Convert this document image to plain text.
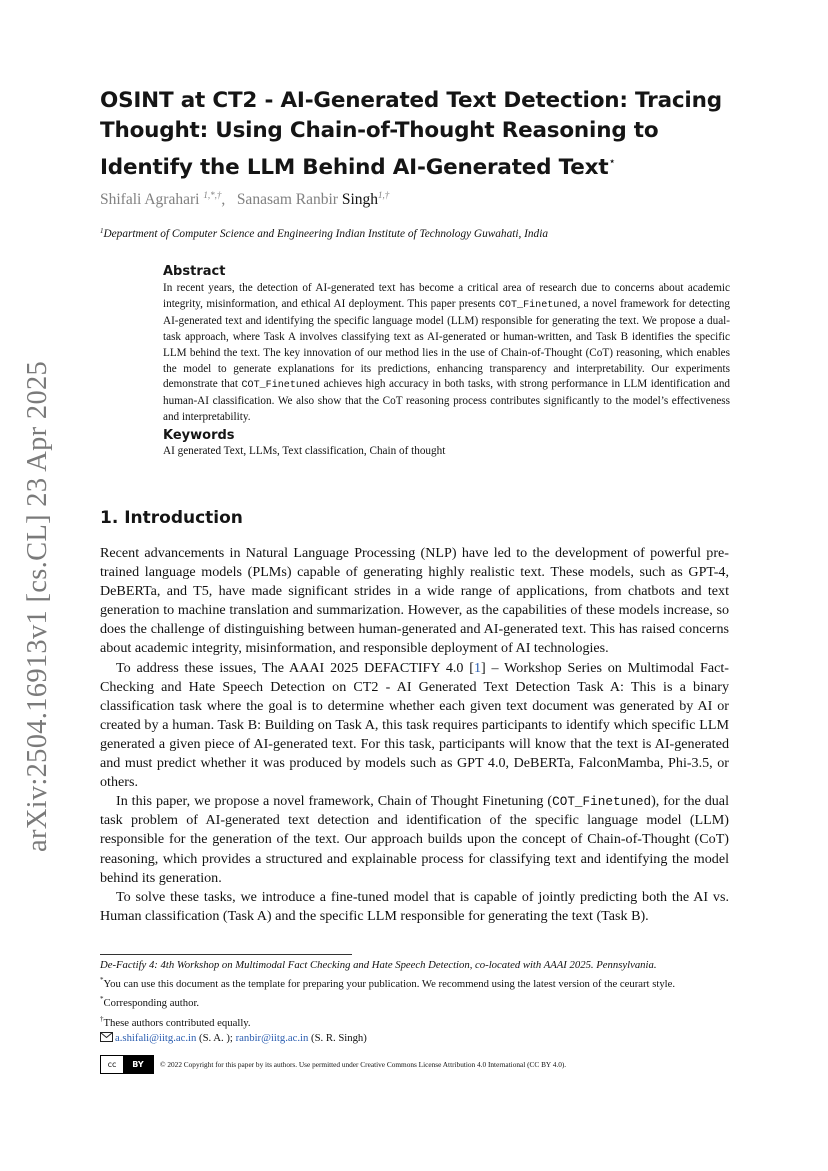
arXiv:2504.16913v1 [cs.CL] 23 Apr 2025
OSINT at CT2 - AI-Generated Text Detection: Tracing Thought: Using Chain-of-Thought Reasoning to Identify the LLM Behind AI-Generated Text⋆
Shifali Agrahari $^{1,*,\dagger}$,   Sanasam Ranbir Singh$^{1,\dagger}$
$^1$Department of Computer Science and Engineering Indian Institute of Technology Guwahati, India
Abstract
In recent years, the detection of AI-generated text has become a critical area of research due to concerns about academic integrity, misinformation, and ethical AI deployment. This paper presents COT_Finetuned, a novel framework for detecting AI-generated text and identifying the specific language model (LLM) responsible for generating the text. We propose a dual-task approach, where Task A involves classifying text as AI-generated or human-written, and Task B identifies the specific LLM behind the text. The key innovation of our method lies in the use of Chain-of-Thought (CoT) reasoning, which enables the model to generate explanations for its predictions, enhancing transparency and interpretability. Our experiments demonstrate that COT_Finetuned achieves high accuracy in both tasks, with strong performance in LLM identification and human-AI classification. We also show that the CoT reasoning process contributes significantly to the model’s effectiveness and interpretability.
Keywords
AI generated Text, LLMs, Text classification, Chain of thought
1. Introduction

Recent advancements in Natural Language Processing (NLP) have led to the development of powerful pre-trained language models (PLMs) capable of generating highly realistic text. These models, such as GPT-4, DeBERTa, and T5, have made significant strides in a wide range of applications, from chatbots and text generation to machine translation and summarization. However, as the capabilities of these models increase, so does the challenge of distinguishing between human-generated and AI-generated text. This has raised concerns about academic integrity, misinformation, and responsible deployment of AI technologies.

To address these issues, The AAAI 2025 DEFACTIFY 4.0 [1] – Workshop Series on Multimodal Fact-Checking and Hate Speech Detection on CT2 - AI Generated Text Detection Task A: This is a binary classification task where the goal is to determine whether each given text document was generated by AI or created by a human. Task B: Building on Task A, this task requires participants to identify which specific LLM generated a given piece of AI-generated text. For this task, participants will know that the text is AI-generated and must predict whether it was produced by models such as GPT 4.0, DeBERTa, FalconMamba, Phi-3.5, or others.

In this paper, we propose a novel framework, Chain of Thought Finetuning (COT_Finetuned), for the dual task problem of AI-generated text detection and identification of the specific language model (LLM) responsible for the generation of the text. Our approach builds upon the concept of Chain-of-Thought (CoT) reasoning, which provides a structured and explainable process for classifying text and identifying the model behind its generation.

To solve these tasks, we introduce a fine-tuned model that is capable of jointly predicting both the AI vs. Human classification (Task A) and the specific LLM responsible for generating the text (Task B).

De-Factify 4: 4th Workshop on Multimodal Fact Checking and Hate Speech Detection, co-located with AAAI 2025. Pennsylvania.
*You can use this document as the template for preparing your publication. We recommend using the latest version of the ceurart style.
*Corresponding author.
†These authors contributed equally.
a.shifali@iitg.ac.in (S. A. ); ranbir@iitg.ac.in (S. R. Singh)
cc	BY	© 2022 Copyright for this paper by its authors. Use permitted under Creative Commons License Attribution 4.0 International (CC BY 4.0).
